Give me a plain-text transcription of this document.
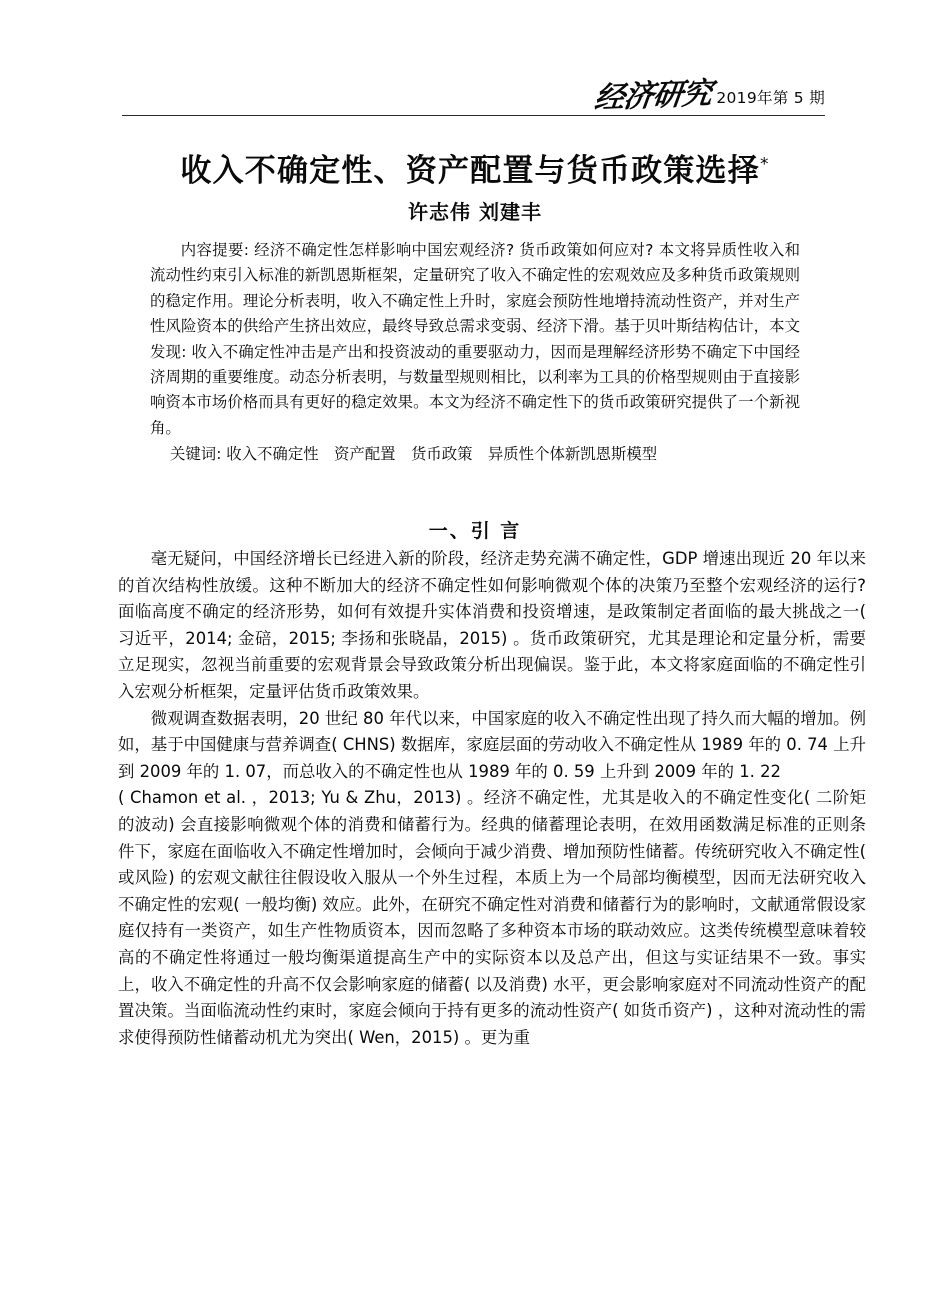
经济研究 2019年第 5 期
收入不确定性、资产配置与货币政策选择*
许志伟 刘建丰

内容提要: 经济不确定性怎样影响中国宏观经济? 货币政策如何应对? 本文将异质性收入和流动性约束引入标准的新凯恩斯框架，定量研究了收入不确定性的宏观效应及多种货币政策规则的稳定作用。理论分析表明，收入不确定性上升时，家庭会预防性地增持流动性资产，并对生产性风险资本的供给产生挤出效应，最终导致总需求变弱、经济下滑。基于贝叶斯结构估计，本文发现: 收入不确定性冲击是产出和投资波动的重要驱动力，因而是理解经济形势不确定下中国经济周期的重要维度。动态分析表明，与数量型规则相比，以利率为工具的价格型规则由于直接影响资本市场价格而具有更好的稳定效果。本文为经济不确定性下的货币政策研究提供了一个新视角。

关键词: 收入不确定性　资产配置　货币政策　异质性个体新凯恩斯模型

一、引 言

毫无疑问，中国经济增长已经进入新的阶段，经济走势充满不确定性，GDP 增速出现近 20 年以来的首次结构性放缓。这种不断加大的经济不确定性如何影响微观个体的决策乃至整个宏观经济的运行? 面临高度不确定的经济形势，如何有效提升实体消费和投资增速，是政策制定者面临的最大挑战之一( 习近平，2014; 金碚，2015; 李扬和张晓晶，2015) 。货币政策研究，尤其是理论和定量分析，需要立足现实，忽视当前重要的宏观背景会导致政策分析出现偏误。鉴于此，本文将家庭面临的不确定性引入宏观分析框架，定量评估货币政策效果。

微观调查数据表明，20 世纪 80 年代以来，中国家庭的收入不确定性出现了持久而大幅的增加。例如，基于中国健康与营养调查( CHNS) 数据库，家庭层面的劳动收入不确定性从 1989 年的 0. 74 上升到 2009 年的 1. 07，而总收入的不确定性也从 1989 年的 0. 59 上升到 2009 年的 1. 22

( Chamon et al. ，2013; Yu & Zhu，2013) 。经济不确定性，尤其是收入的不确定性变化( 二阶矩的波动) 会直接影响微观个体的消费和储蓄行为。经典的储蓄理论表明，在效用函数满足标准的正则条件下，家庭在面临收入不确定性增加时，会倾向于减少消费、增加预防性储蓄。传统研究收入不确定性( 或风险) 的宏观文献往往假设收入服从一个外生过程，本质上为一个局部均衡模型，因而无法研究收入不确定性的宏观( 一般均衡) 效应。此外，在研究不确定性对消费和储蓄行为的影响时，文献通常假设家庭仅持有一类资产，如生产性物质资本，因而忽略了多种资本市场的联动效应。这类传统模型意味着较高的不确定性将通过一般均衡渠道提高生产中的实际资本以及总产出，但这与实证结果不一致。事实上，收入不确定性的升高不仅会影响家庭的储蓄( 以及消费) 水平，更会影响家庭对不同流动性资产的配置决策。当面临流动性约束时，家庭会倾向于持有更多的流动性资产( 如货币资产) ，这种对流动性的需求使得预防性储蓄动机尤为突出( Wen，2015) 。更为重
